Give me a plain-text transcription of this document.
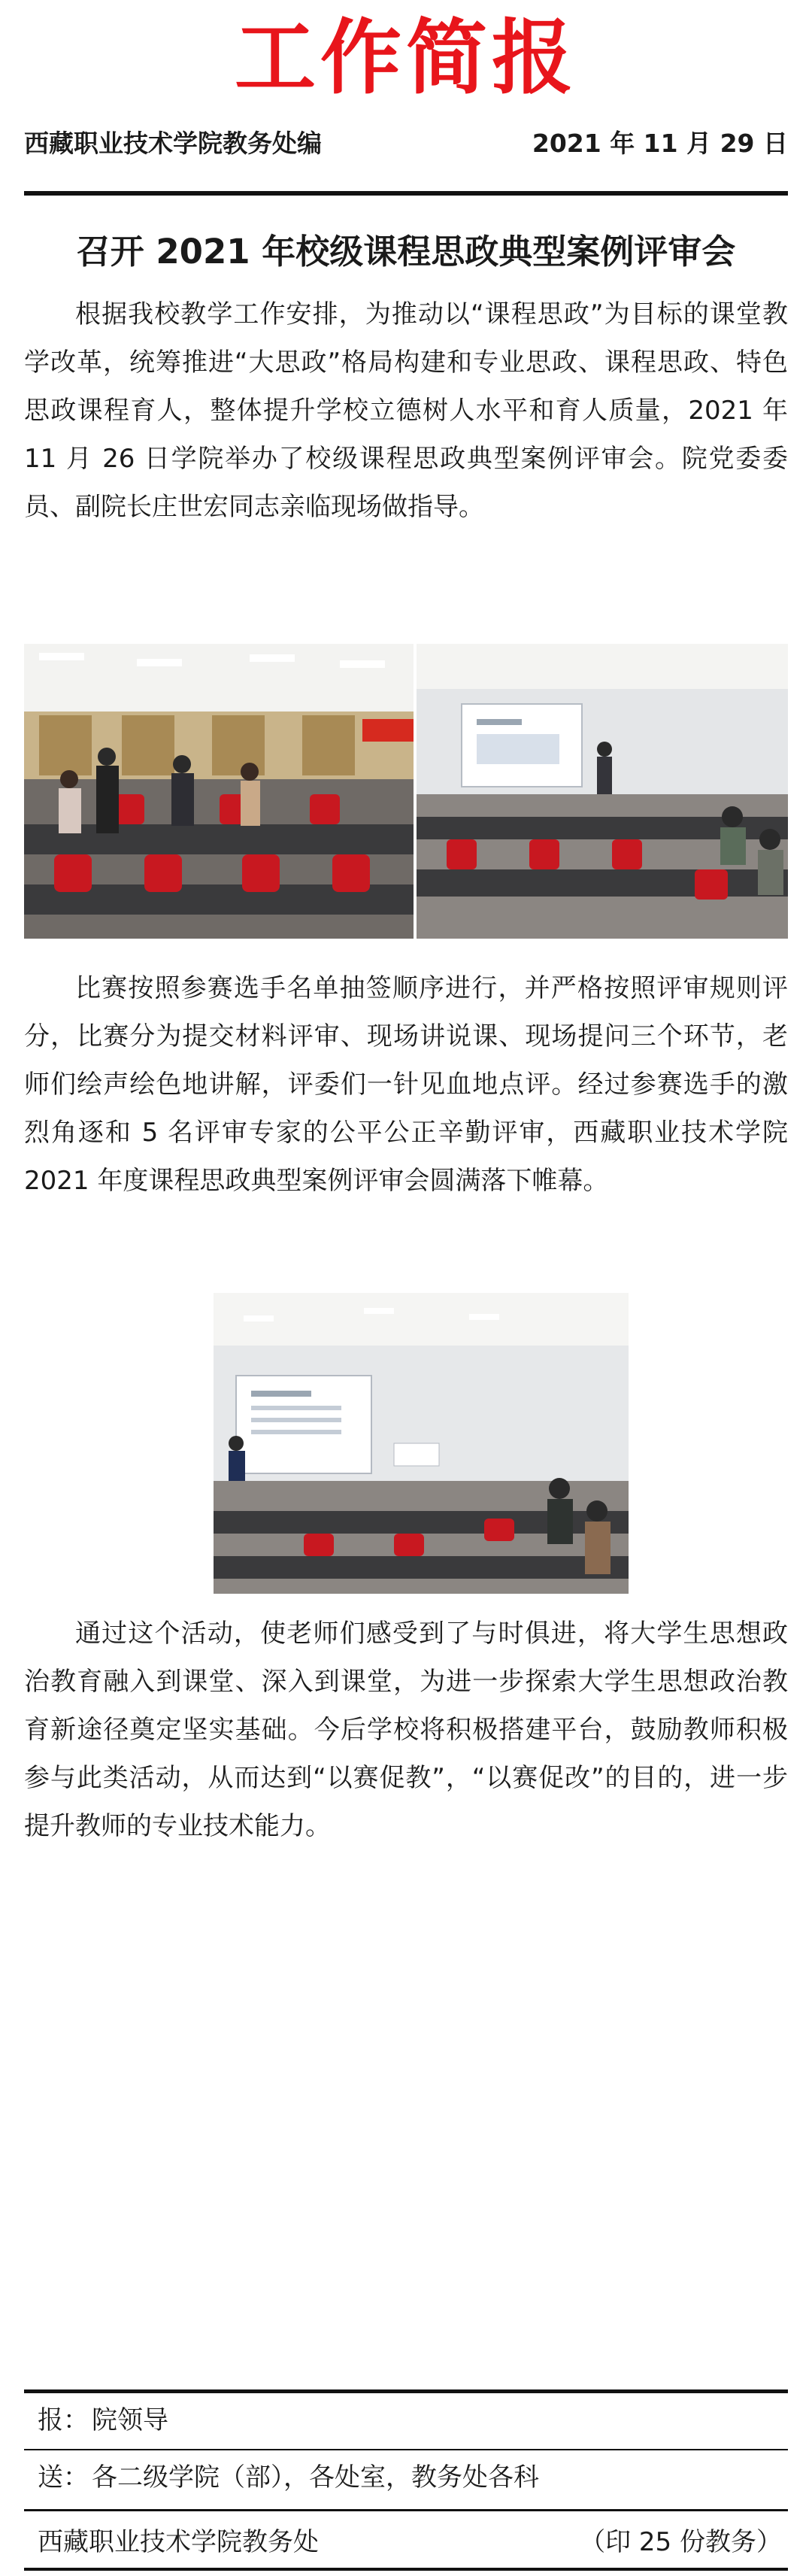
工作简报
西藏职业技术学院教务处编	2021 年 11 月 29 日
召开 2021 年校级课程思政典型案例评审会

根据我校教学工作安排，为推动以“课程思政”为目标的课堂教学改革，统筹推进“大思政”格局构建和专业思政、课程思政、特色思政课程育人，整体提升学校立德树人水平和育人质量，2021 年 11 月 26 日学院举办了校级课程思政典型案例评审会。院党委委员、副院长庄世宏同志亲临现场做指导。

比赛按照参赛选手名单抽签顺序进行，并严格按照评审规则评分，比赛分为提交材料评审、现场讲说课、现场提问三个环节，老师们绘声绘色地讲解，评委们一针见血地点评。经过参赛选手的激烈角逐和 5 名评审专家的公平公正辛勤评审，西藏职业技术学院 2021 年度课程思政典型案例评审会圆满落下帷幕。

通过这个活动，使老师们感受到了与时俱进，将大学生思想政治教育融入到课堂、深入到课堂，为进一步探索大学生思想政治教育新途径奠定坚实基础。今后学校将积极搭建平台，鼓励教师积极参与此类活动，从而达到“以赛促教”，“以赛促改”的目的，进一步提升教师的专业技术能力。

报： 院领导
送： 各二级学院（部），各处室，教务处各科
西藏职业技术学院教务处	（印 25 份教务）
